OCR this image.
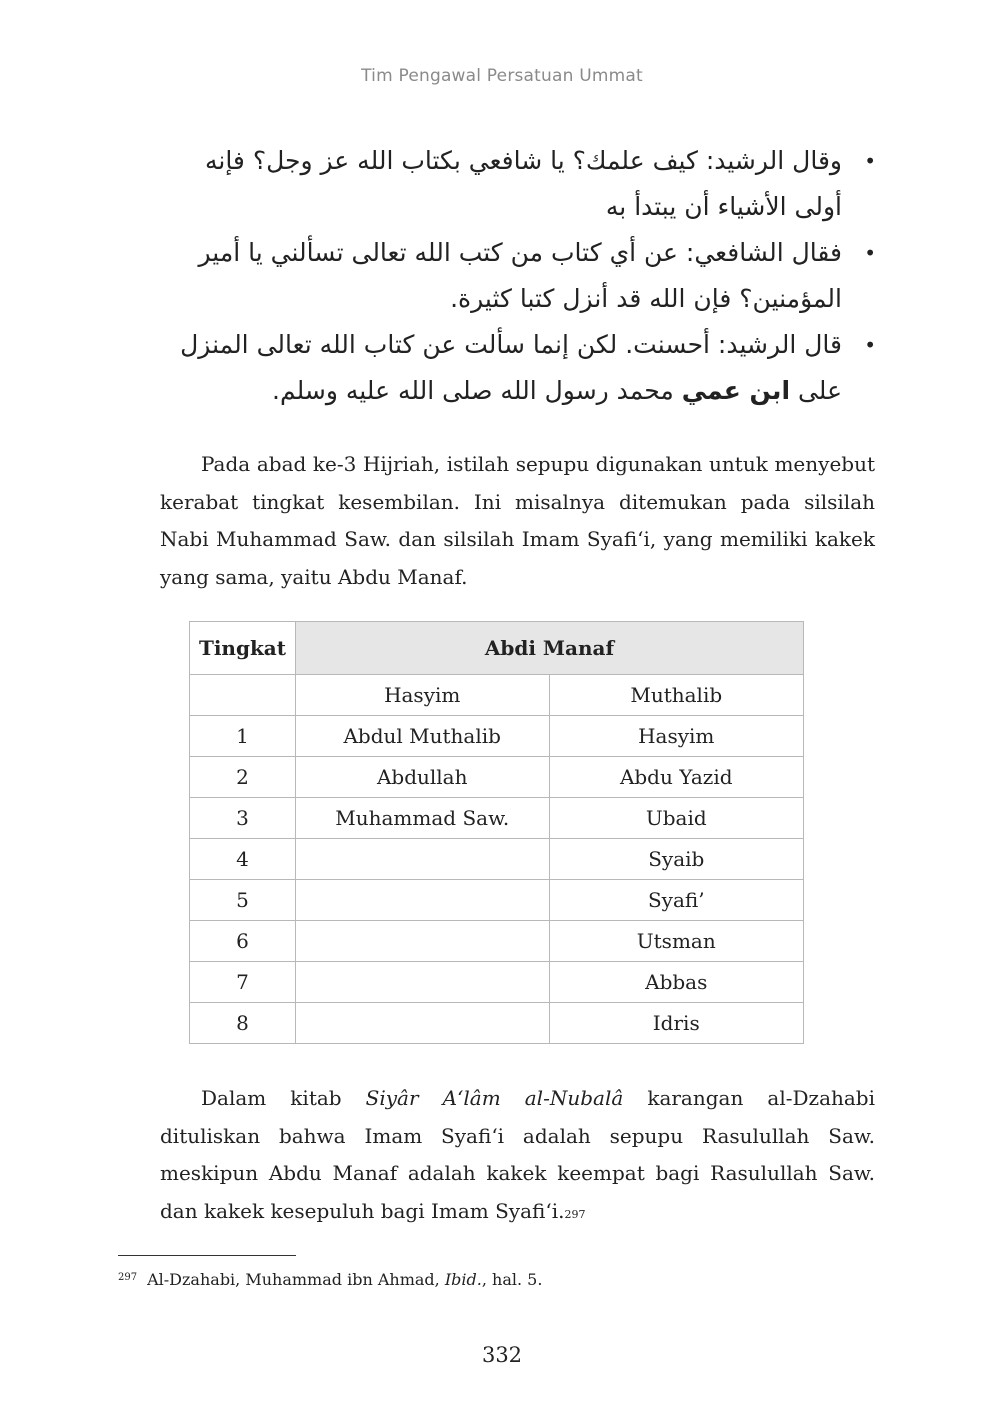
Tim Pengawal Persatuan Ummat
• وقال الرشيد: كيف علمك؟ يا شافعي بكتاب الله عز وجل؟ فإنه أولى الأشياء أن يبتدأ به
• فقال الشافعي: عن أي كتاب من كتب الله تعالى تسألني يا أمير المؤمنين؟ فإن الله قد أنزل كتبا كثيرة.
• قال الرشيد: أحسنت. لكن إنما سألت عن كتاب الله تعالى المنزل على ابن عمي محمد رسول الله صلى الله عليه وسلم.

Pada abad ke-3 Hijriah, istilah sepupu digunakan untuk menyebut kerabat tingkat kesembilan. Ini misalnya ditemukan pada silsilah Nabi Muhammad Saw. dan silsilah Imam Syafi‘i, yang memiliki kakek yang sama, yaitu Abdu Manaf.

Tingkat	Abdi Manaf	
	Hasyim	Muthalib
1	Abdul Muthalib	Hasyim
2	Abdullah	Abdu Yazid
3	Muhammad Saw.	Ubaid
4		Syaib
5		Syafi’
6		Utsman
7		Abbas
8		Idris

Dalam kitab Siyâr A‘lâm al-Nubalâ karangan al-Dzahabi dituliskan bahwa Imam Syafi‘i adalah sepupu Rasulullah Saw. meskipun Abdu Manaf adalah kakek keempat bagi Rasulullah Saw. dan kakek kesepuluh bagi Imam Syafi‘i.$^{297}$

$^{297}$ Al-Dzahabi, Muhammad ibn Ahmad, Ibid., hal. 5.
332
